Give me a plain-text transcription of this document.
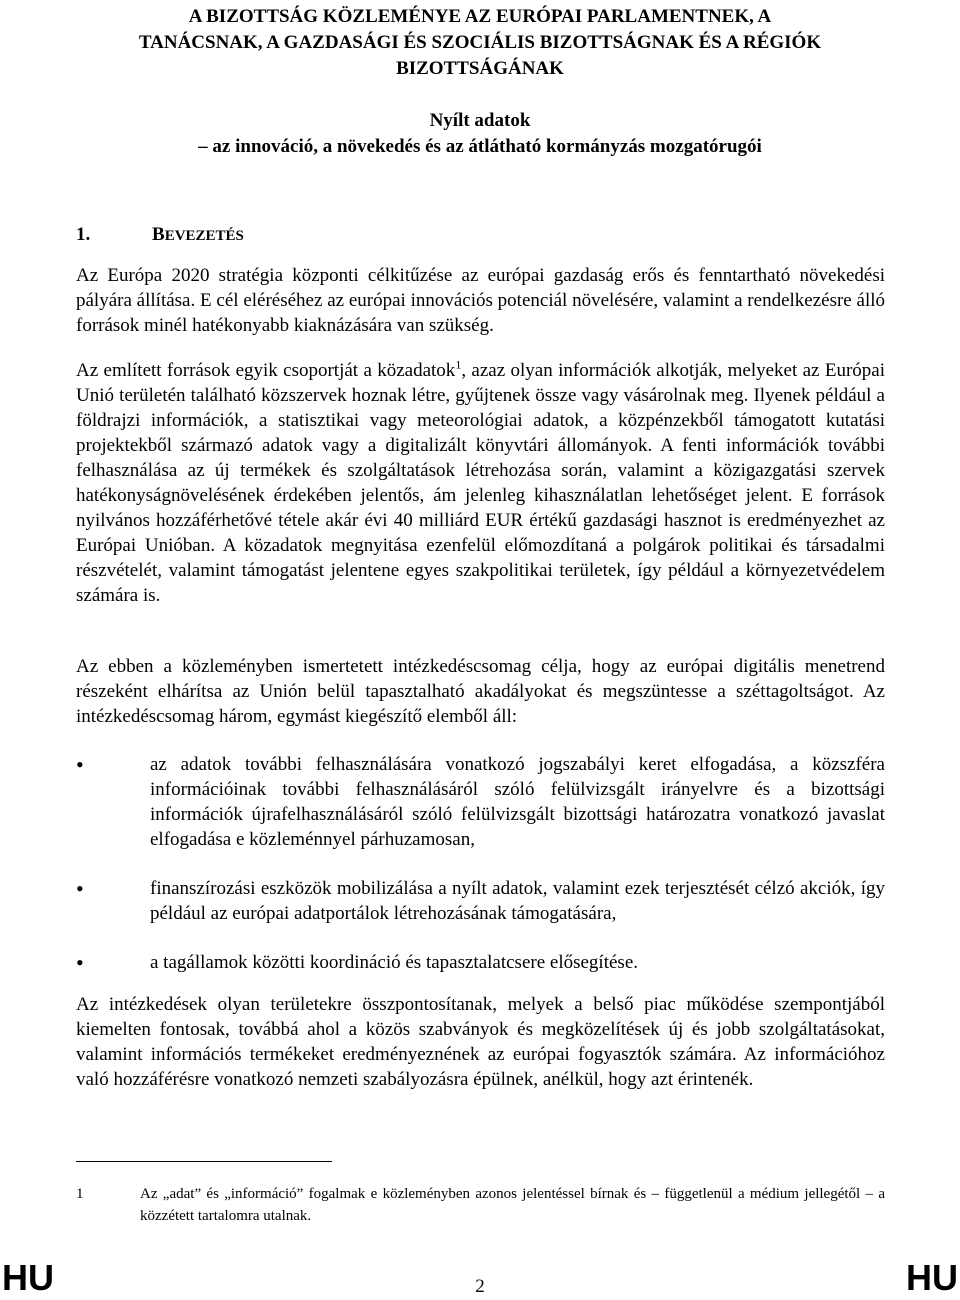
A BIZOTTSÁG KÖZLEMÉNYE AZ EURÓPAI PARLAMENTNEK, A
TANÁCSNAK, A GAZDASÁGI ÉS SZOCIÁLIS BIZOTTSÁGNAK ÉS A RÉGIÓK
BIZOTTSÁGÁNAK
Nyílt adatok
– az innováció, a növekedés és az átlátható kormányzás mozgatórugói
1.	BEVEZETÉS

Az Európa 2020 stratégia központi célkitűzése az európai gazdaság erős és fenntartható növekedési pályára állítása. E cél eléréséhez az európai innovációs potenciál növelésére, valamint a rendelkezésre álló források minél hatékonyabb kiaknázására van szükség.

Az említett források egyik csoportját a közadatok$^1$, azaz olyan információk alkotják, melyeket az Európai Unió területén található közszervek hoznak létre, gyűjtenek össze vagy vásárolnak meg. Ilyenek például a földrajzi információk, a statisztikai vagy meteorológiai adatok, a közpénzekből támogatott kutatási projektekből származó adatok vagy a digitalizált könyvtári állományok. A fenti információk további felhasználása az új termékek és szolgáltatások létrehozása során, valamint a közigazgatási szervek hatékonyságnövelésének érdekében jelentős, ám jelenleg kihasználatlan lehetőséget jelent. E források nyilvános hozzáférhetővé tétele akár évi 40 milliárd EUR értékű gazdasági hasznot is eredményezhet az Európai Unióban. A közadatok megnyitása ezenfelül előmozdítaná a polgárok politikai és társadalmi részvételét, valamint támogatást jelentene egyes szakpolitikai területek, így például a környezetvédelem számára is.

Az ebben a közleményben ismertetett intézkedéscsomag célja, hogy az európai digitális menetrend részeként elhárítsa az Unión belül tapasztalható akadályokat és megszüntesse a széttagoltságot. Az intézkedéscsomag három, egymást kiegészítő elemből áll:

•
az adatok további felhasználására vonatkozó jogszabályi keret elfogadása, a közszféra információinak további felhasználásáról szóló felülvizsgált irányelvre és a bizottsági információk újrafelhasználásáról szóló felülvizsgált bizottsági határozatra vonatkozó javaslat elfogadása e közleménnyel párhuzamosan,
•
finanszírozási eszközök mobilizálása a nyílt adatok, valamint ezek terjesztését célzó akciók, így például az európai adatportálok létrehozásának támogatására,
•
a tagállamok közötti koordináció és tapasztalatcsere elősegítése.

Az intézkedések olyan területekre összpontosítanak, melyek a belső piac működése szempontjából kiemelten fontosak, továbbá ahol a közös szabványok és megközelítések új és jobb szolgáltatásokat, valamint információs termékeket eredményeznének az európai fogyasztók számára. Az információhoz való hozzáférésre vonatkozó nemzeti szabályozásra épülnek, anélkül, hogy azt érintenék.

1	Az „adat” és „információ” fogalmak e közleményben azonos jelentéssel bírnak és – függetlenül a médium jellegétől – a közzétett tartalomra utalnak.
HU	2	HU
